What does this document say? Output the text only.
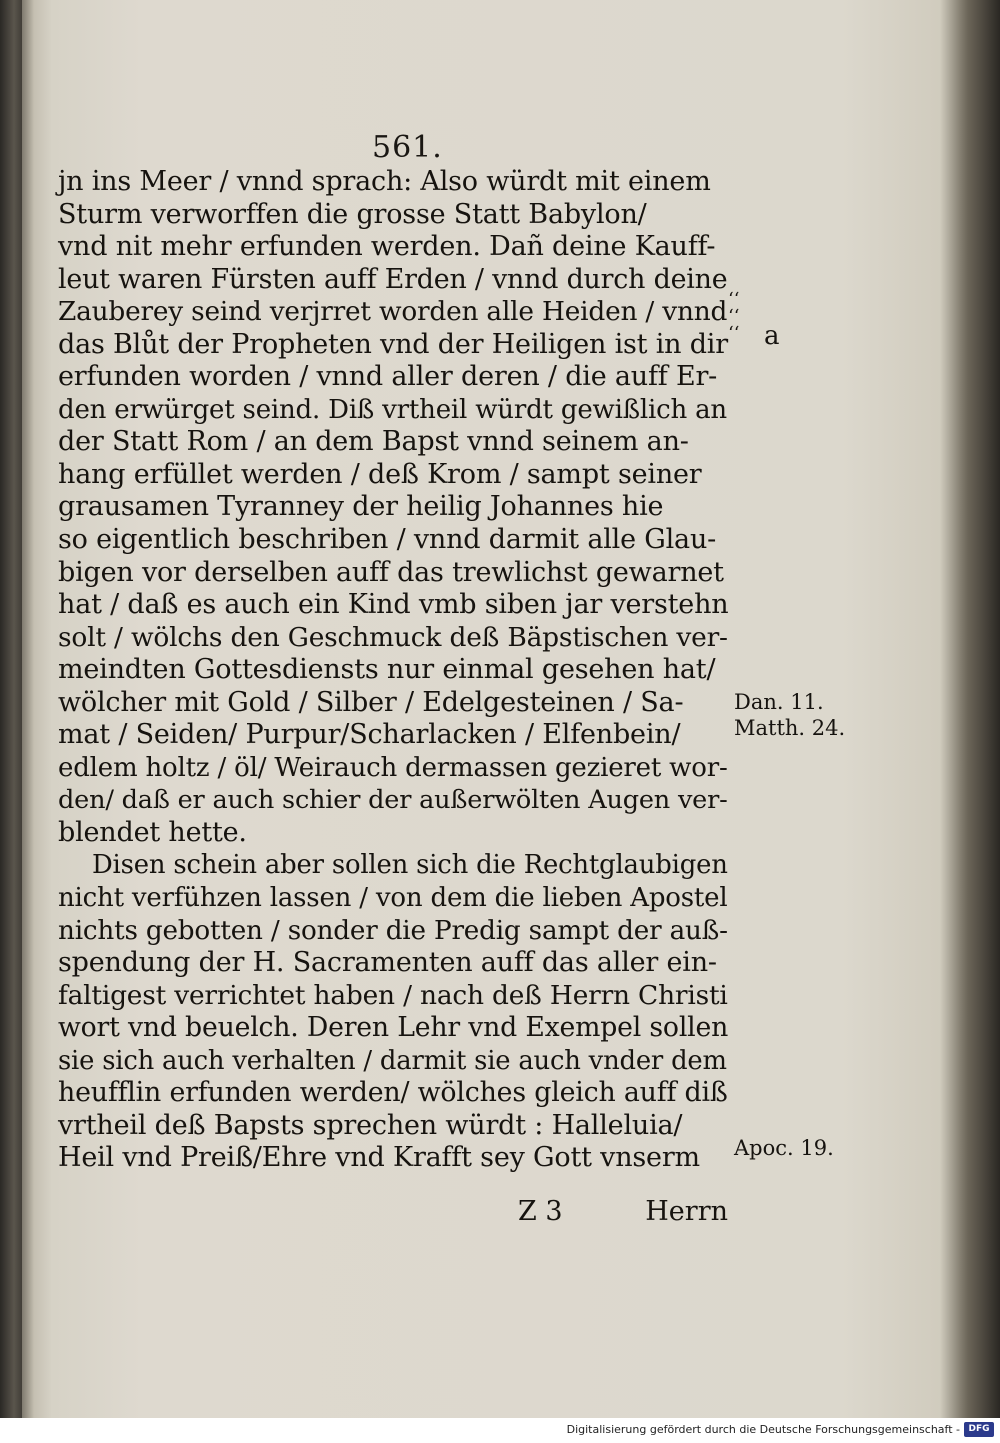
561.
jn ins Meer / vnnd sprach: Also würdt mit einem
Sturm verworffen die grosse Statt Babylon/
vnd nit mehr erfunden werden. Dañ deine Kauff-
leut waren Fürsten auff Erden / vnnd durch deine
Zauberey seind verjrret worden alle Heiden / vnnd
das Blůt der Propheten vnd der Heiligen ist in dir
erfunden worden / vnnd aller deren / die auff Er-
den erwürget seind. Diß vrtheil würdt gewißlich an
der Statt Rom / an dem Bapst vnnd seinem an-
hang erfüllet werden / deß Krom / sampt seiner
grausamen Tyranney der heilig Johannes hie
so eigentlich beschriben / vnnd darmit alle Glau-
bigen vor derselben auff das trewlichst gewarnet
hat / daß es auch ein Kind vmb siben jar verstehn
solt / wölchs den Geschmuck deß Bäpstischen ver-
meindten Gottesdiensts nur einmal gesehen hat/
wölcher mit Gold / Silber / Edelgesteinen / Sa-
mat / Seiden/ Purpur/Scharlacken / Elfenbein/
edlem holtz / öl/ Weirauch dermassen gezieret wor-
den/ daß er auch schier der außerwölten Augen ver-
blendet hette.
Disen schein aber sollen sich die Rechtglaubigen
nicht verfühzen lassen / von dem die lieben Apostel
nichts gebotten / sonder die Predig sampt der auß-
spendung der H. Sacramenten auff das aller ein-
faltigest verrichtet haben / nach deß Herrn Christi
wort vnd beuelch. Deren Lehr vnd Exempel sollen
sie sich auch verhalten / darmit sie auch vnder dem
heufflin erfunden werden/ wölches gleich auff diß
vrtheil deß Bapsts sprechen würdt : Halleluia/
Heil vnd Preiß/Ehre vnd Krafft sey Gott vnserm
Z 3	Herrn
ʻʻ
ʻʻ
ʻʻ a
Dan. 11.
Matth. 24.
Apoc. 19.
Digitalisierung gefördert durch die Deutsche Forschungsgemeinschaft - DFG
